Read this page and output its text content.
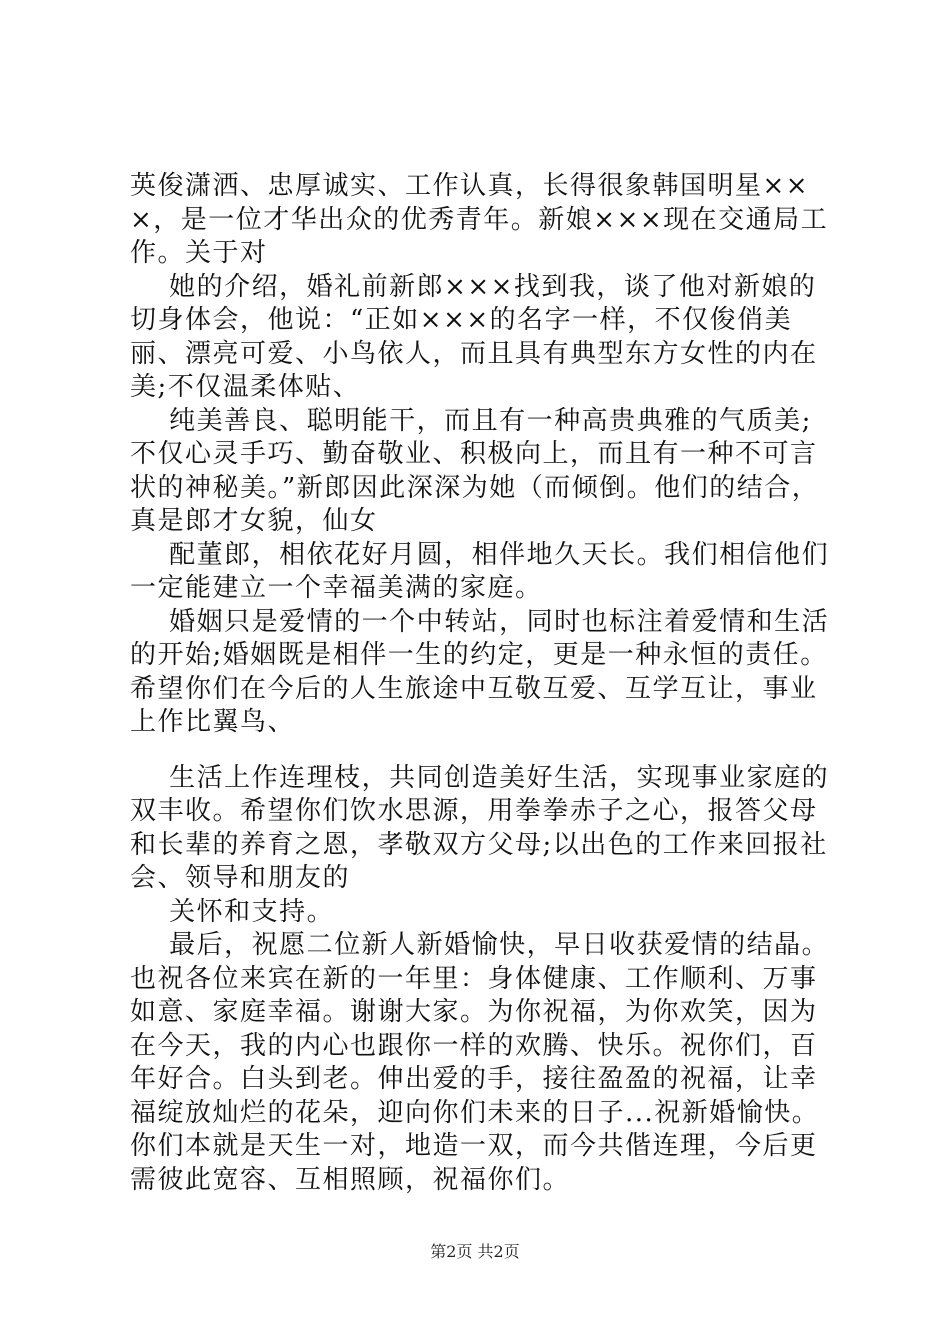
英俊潇洒、忠厚诚实、工作认真，长得很象韩国明星×××，是一位才华出众的优秀青年。新娘×××现在交通局工作。关于对

她的介绍，婚礼前新郎×××找到我，谈了他对新娘的切身体会，他说：“正如×××的名字一样，不仅俊俏美丽、漂亮可爱、小鸟依人，而且具有典型东方女性的内在美;不仅温柔体贴、

纯美善良、聪明能干，而且有一种高贵典雅的气质美;不仅心灵手巧、勤奋敬业、积极向上，而且有一种不可言状的神秘美。”新郎因此深深为她（而倾倒。他们的结合，真是郎才女貌，仙女

配董郎，相依花好月圆，相伴地久天长。我们相信他们一定能建立一个幸福美满的家庭。

婚姻只是爱情的一个中转站，同时也标注着爱情和生活的开始;婚姻既是相伴一生的约定，更是一种永恒的责任。希望你们在今后的人生旅途中互敬互爱、互学互让，事业上作比翼鸟、

生活上作连理枝，共同创造美好生活，实现事业家庭的双丰收。希望你们饮水思源，用拳拳赤子之心，报答父母和长辈的养育之恩，孝敬双方父母;以出色的工作来回报社会、领导和朋友的

关怀和支持。

最后，祝愿二位新人新婚愉快，早日收获爱情的结晶。也祝各位来宾在新的一年里：身体健康、工作顺利、万事如意、家庭幸福。谢谢大家。为你祝福，为你欢笑，因为在今天，我的内心也跟你一样的欢腾、快乐。祝你们，百年好合。白头到老。伸出爱的手，接往盈盈的祝福，让幸福绽放灿烂的花朵，迎向你们未来的日子...祝新婚愉快。你们本就是天生一对，地造一双，而今共偕连理，今后更需彼此宽容、互相照顾，祝福你们。

第2页 共2页
